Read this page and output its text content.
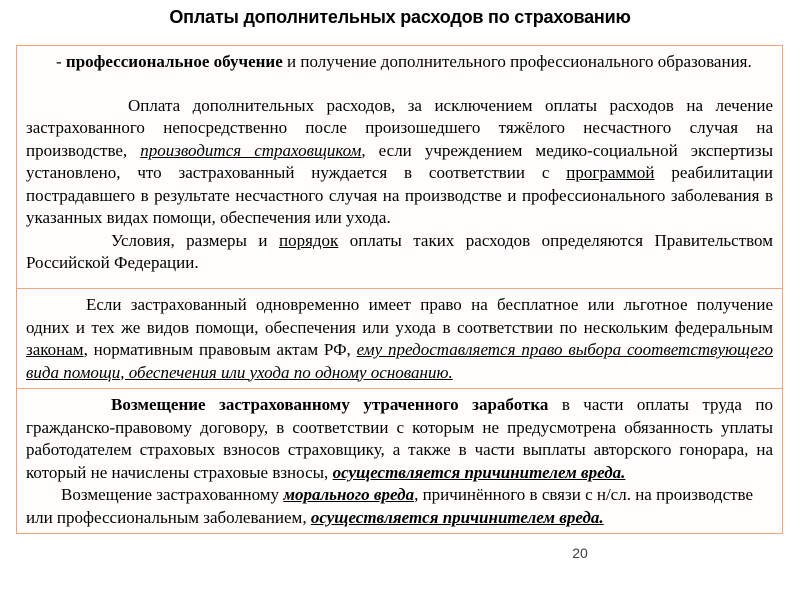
Оплаты дополнительных расходов по страхованию

- профессиональное обучение и получение дополнительного профессионального образования.

Оплата дополнительных расходов, за исключением оплаты расходов на лечение застрахованного непосредственно после произошедшего тяжёлого несчастного случая на производстве, производится страховщиком, если учреждением медико-социальной экспертизы установлено, что застрахованный нуждается в соответствии с программой реабилитации пострадавшего в результате несчастного случая на производстве и профессионального заболевания в указанных видах помощи, обеспечения или ухода.

Условия, размеры и порядок оплаты таких расходов определяются Правительством Российской Федерации.

Если застрахованный одновременно имеет право на бесплатное или льготное получение одних и тех же видов помощи, обеспечения или ухода в соответствии по нескольким федеральным законам, нормативным правовым актам РФ, ему предоставляется право выбора соответствующего вида помощи, обеспечения или ухода по одному основанию.

Возмещение застрахованному утраченного заработка в части оплаты труда по гражданско-правовому договору, в соответствии с которым не предусмотрена обязанность уплаты работодателем страховых взносов страховщику, а также в части выплаты авторского гонорара, на который не начислены страховые взносы, осуществляется причинителем вреда.

Возмещение застрахованному морального вреда, причинённого в связи с н/сл. на производстве или профессиональным заболеванием, осуществляется причинителем вреда.

20
